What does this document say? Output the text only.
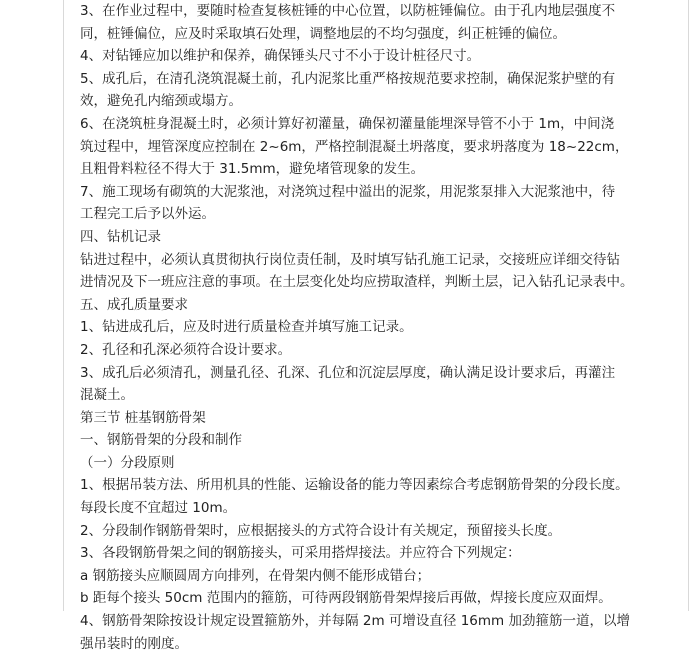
3、在作业过程中，要随时检查复核桩锤的中心位置，以防桩锤偏位。由于孔内地层强度不
同，桩锤偏位，应及时采取填石处理，调整地层的不均匀强度，纠正桩锤的偏位。
4、对钻锤应加以维护和保养，确保锤头尺寸不小于设计桩径尺寸。
5、成孔后，在清孔浇筑混凝土前，孔内泥浆比重严格按规范要求控制，确保泥浆护壁的有
效，避免孔内缩颈或塌方。
6、在浇筑桩身混凝土时，必须计算好初灌量，确保初灌量能埋深导管不小于 1m，中间浇
筑过程中，埋管深度应控制在 2~6m，严格控制混凝土坍落度，要求坍落度为 18~22cm，
且粗骨料粒径不得大于 31.5mm，避免堵管现象的发生。
7、施工现场有砌筑的大泥浆池，对浇筑过程中溢出的泥浆，用泥浆泵排入大泥浆池中，待
工程完工后予以外运。
四、钻机记录
钻进过程中，必须认真贯彻执行岗位责任制，及时填写钻孔施工记录，交接班应详细交待钻
进情况及下一班应注意的事项。在土层变化处均应捞取渣样，判断土层，记入钻孔记录表中。
五、成孔质量要求
1、钻进成孔后，应及时进行质量检查并填写施工记录。
2、孔径和孔深必须符合设计要求。
3、成孔后必须清孔，测量孔径、孔深、孔位和沉淀层厚度，确认满足设计要求后，再灌注
混凝土。
第三节 桩基钢筋骨架
一、钢筋骨架的分段和制作
（一）分段原则
1、根据吊装方法、所用机具的性能、运输设备的能力等因素综合考虑钢筋骨架的分段长度。
每段长度不宜超过 10m。
2、分段制作钢筋骨架时，应根据接头的方式符合设计有关规定，预留接头长度。
3、各段钢筋骨架之间的钢筋接头，可采用搭焊接法。并应符合下列规定：
a 钢筋接头应顺圆周方向排列，在骨架内侧不能形成错台；
b 距每个接头 50cm 范围内的箍筋，可待两段钢筋骨架焊接后再做，焊接长度应双面焊。
4、钢筋骨架除按设计规定设置箍筋外，并每隔 2m 可增设直径 16mm 加劲箍筋一道，以增
强吊装时的刚度。
